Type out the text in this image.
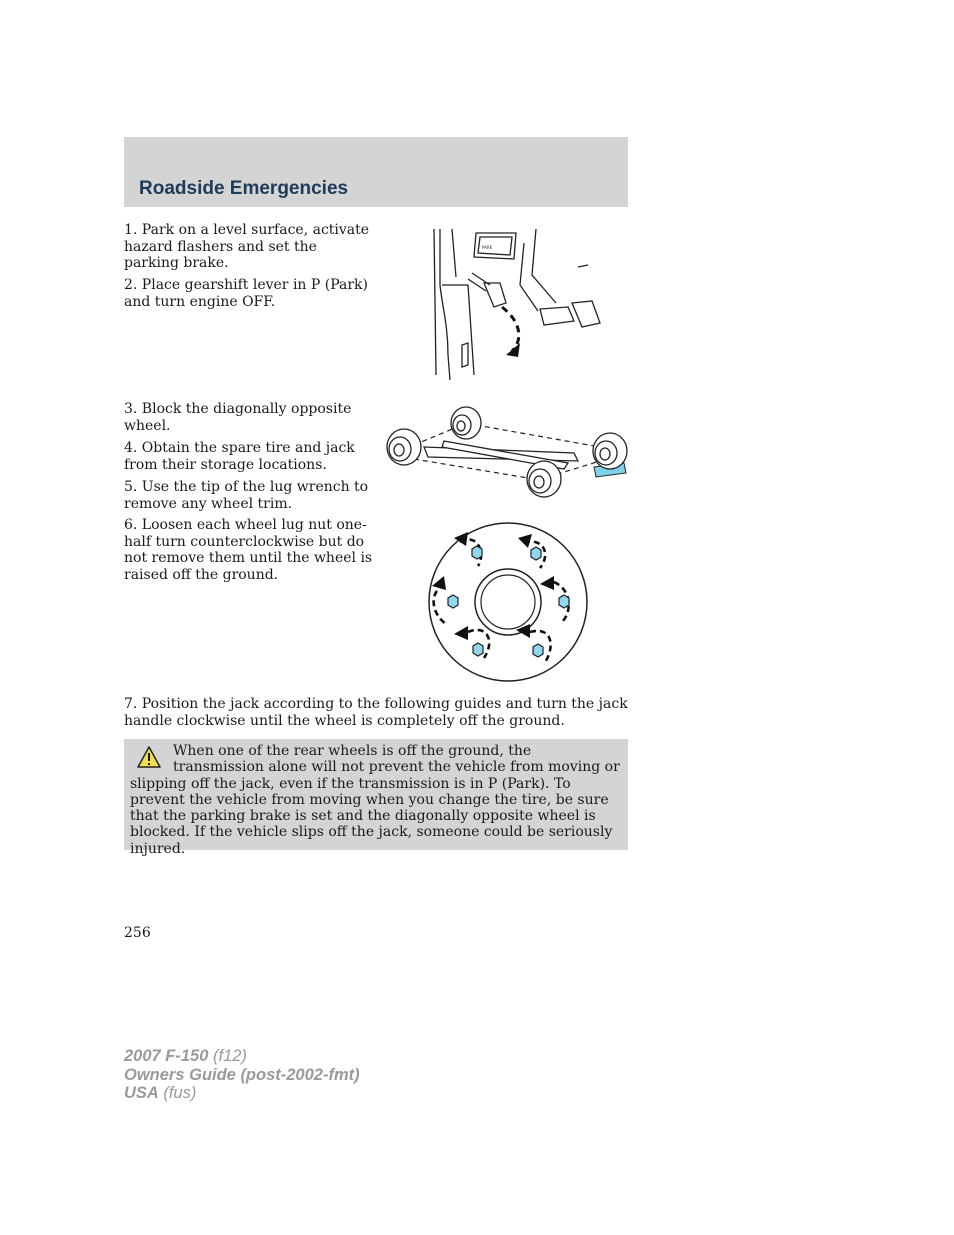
Roadside Emergencies

1. Park on a level surface, activate hazard flashers and set the parking brake.

2. Place gearshift lever in P (Park) and turn engine OFF.

PARK

3. Block the diagonally opposite wheel.

4. Obtain the spare tire and jack from their storage locations.

5. Use the tip of the lug wrench to remove any wheel trim.

6. Loosen each wheel lug nut one-half turn counterclockwise but do not remove them until the wheel is raised off the ground.

7. Position the jack according to the following guides and turn the jack handle clockwise until the wheel is completely off the ground.

When one of the rear wheels is off the ground, the transmission alone will not prevent the vehicle from moving or slipping off the jack, even if the transmission is in P (Park). To prevent the vehicle from moving when you change the tire, be sure that the parking brake is set and the diagonally opposite wheel is blocked. If the vehicle slips off the jack, someone could be seriously injured.

256
2007 F-150 (f12)
Owners Guide (post-2002-fmt)
USA (fus)
